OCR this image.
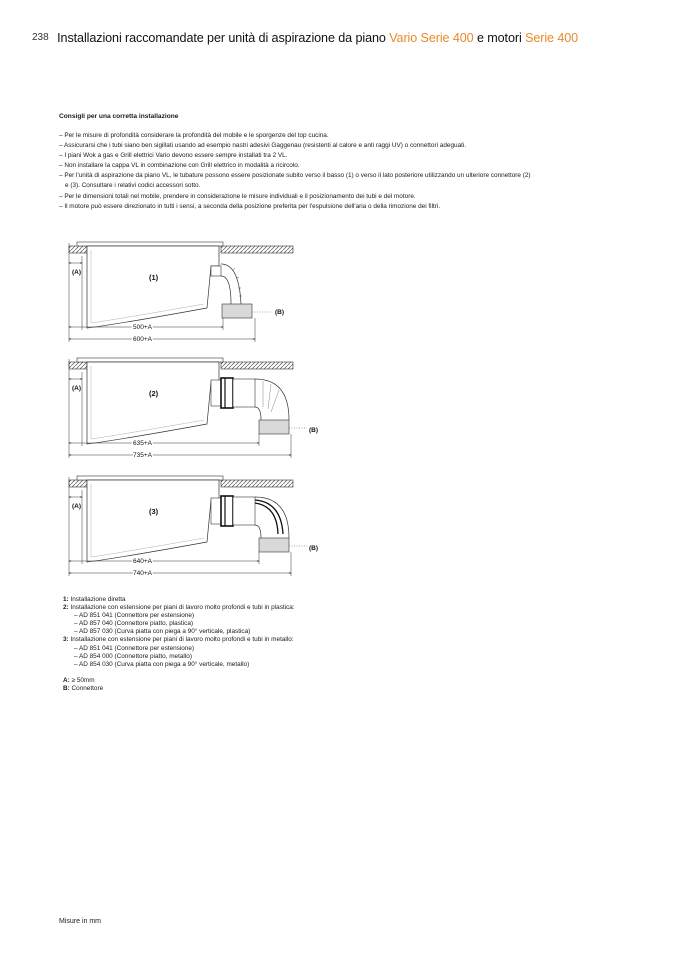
238 Installazioni raccomandate per unità di aspirazione da piano Vario Serie 400 e motori Serie 400
Consigli per una corretta installazione
– Per le misure di profondità considerare la profondità del mobile e le sporgenze del top cucina.
– Assicurarsi che i tubi siano ben sigillati usando ad esempio nastri adesivi Gaggenau (resistenti al calore e anti raggi UV) o connettori adeguati.
– I piani Wok a gas e Grill elettrici Vario devono essere sempre installati tra 2 VL.
– Non installare la cappa VL in combinazione con Grill elettrico in modalità a ricircolo.
– Per l'unità di aspirazione da piano VL, le tubature possono essere posizionate subito verso il basso (1) o verso il lato posteriore utilizzando un ulteriore connettore (2)
e (3). Consultare i relativi codici accessori sotto.
– Per le dimensioni totali nel mobile, prendere in considerazione le misure individuali e il posizionamento dei tubi e del motore.
– Il motore può essere direzionato in tutti i sensi, a seconda della posizione preferita per l'espulsione dell'aria o della rimozione dei filtri.
(A)
(1)
(B)
500+A
600+A
(A)
(2)
(B)
635+A
735+A
(A)
(3)
(B)
640+A
740+A
1: Installazione diretta
2: Installazione con estensione per piani di lavoro molto profondi e tubi in plastica:
– AD 851 041 (Connettore per estensione)
– AD 857 040 (Connettore piatto, plastica)
– AD 857 030 (Curva piatta con piega a 90° verticale, plastica)
3: Installazione con estensione per piani di lavoro molto profondi e tubi in metallo:
– AD 851 041 (Connettore per estensione)
– AD 854 000 (Connettore piatto, metallo)
– AD 854 030 (Curva piatta con piega a 90° verticale, metallo)
A: ≥ 50mm
B: Connettore
Misure in mm
